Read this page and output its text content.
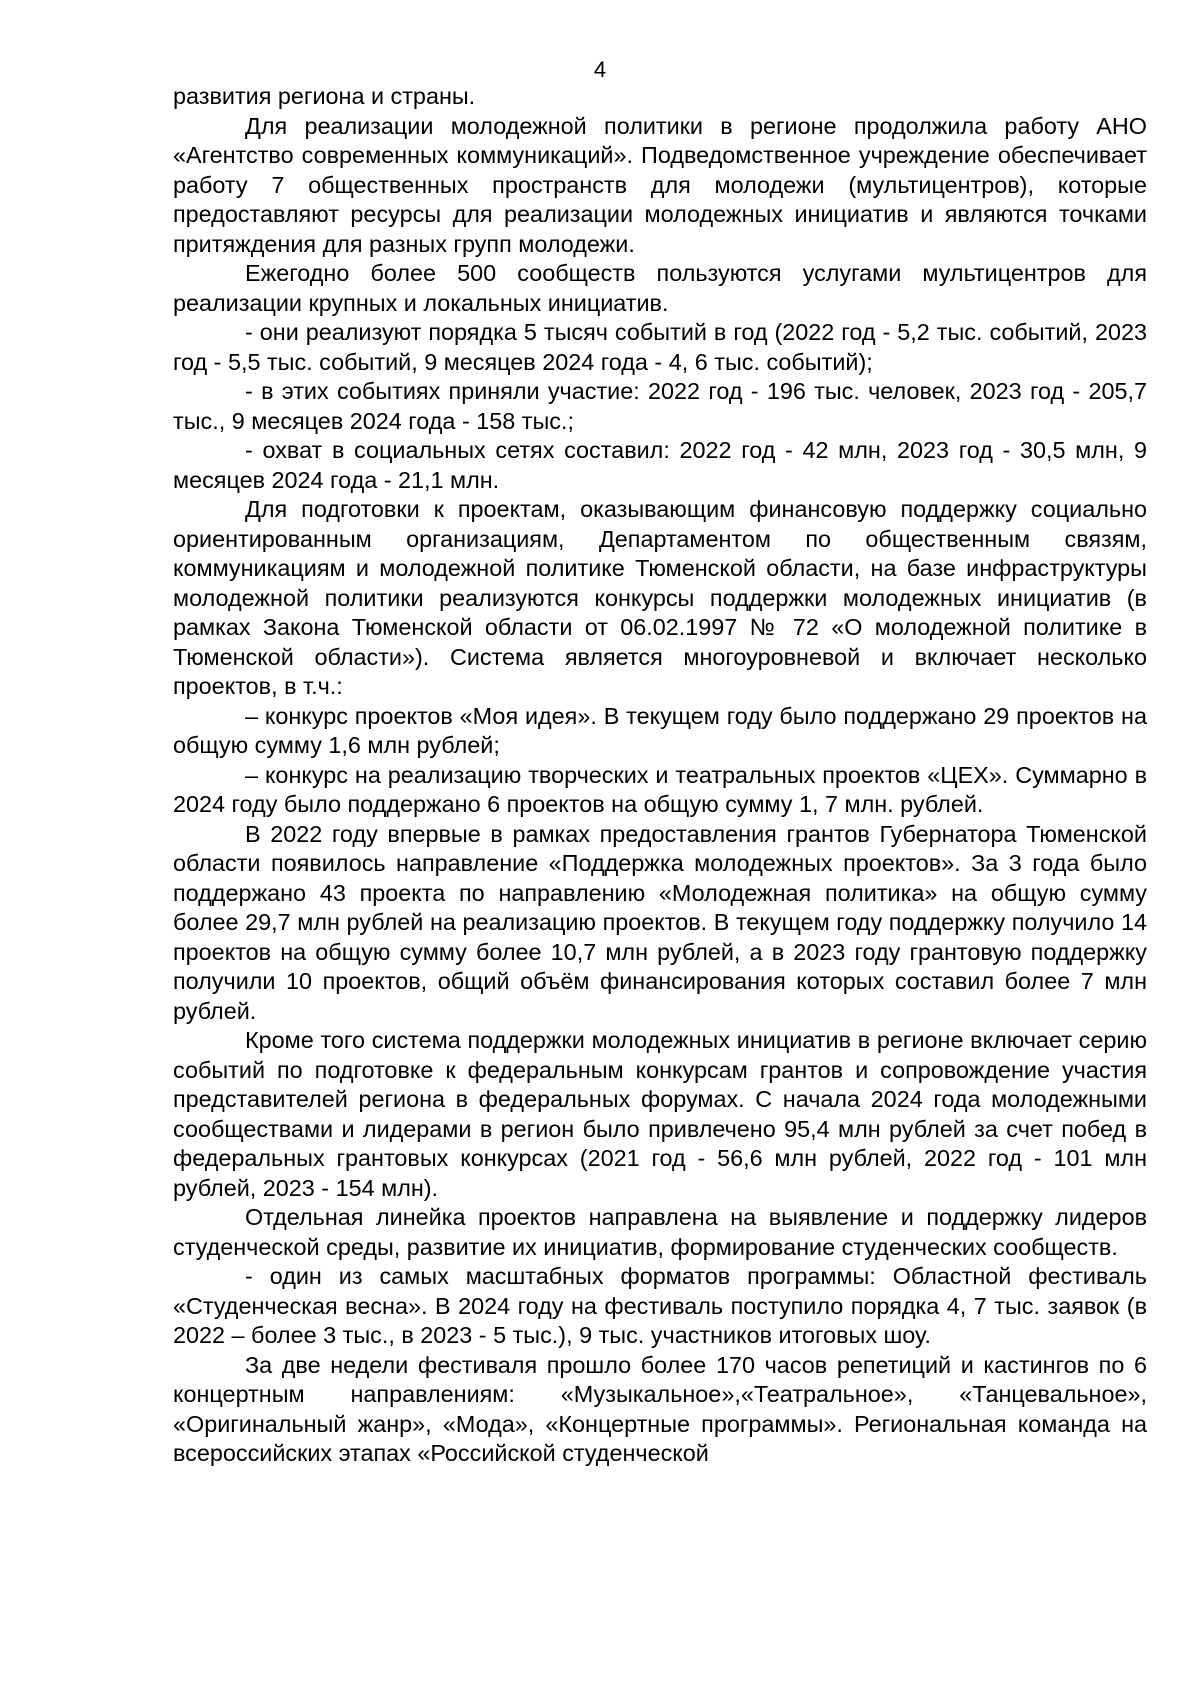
4

развития региона и страны.

Для реализации молодежной политики в регионе продолжила работу АНО «Агентство современных коммуникаций». Подведомственное учреждение обеспечивает работу 7 общественных пространств для молодежи (мультицентров), которые предоставляют ресурсы для реализации молодежных инициатив и являются точками притяждения для разных групп молодежи.

Ежегодно более 500 сообществ пользуются услугами мультицентров для реализации крупных и локальных инициатив.

- они реализуют порядка 5 тысяч событий в год (2022 год - 5,2 тыс. событий, 2023 год - 5,5 тыс. событий, 9 месяцев 2024 года - 4, 6 тыс. событий);

- в этих событиях приняли участие: 2022 год - 196 тыс. человек, 2023 год - 205,7 тыс., 9 месяцев 2024 года - 158 тыс.;

- охват в социальных сетях составил: 2022 год - 42 млн, 2023 год - 30,5 млн, 9 месяцев 2024 года - 21,1 млн.

Для подготовки к проектам, оказывающим финансовую поддержку социально ориентированным организациям, Департаментом по общественным связям, коммуникациям и молодежной политике Тюменской области, на базе инфраструктуры молодежной политики реализуются конкурсы поддержки молодежных инициатив (в рамках Закона Тюменской области от 06.02.1997 № 72 «О молодежной политике в Тюменской области»). Система является многоуровневой и включает несколько проектов, в т.ч.:

– конкурс проектов «Моя идея». В текущем году было поддержано 29 проектов на общую сумму 1,6 млн рублей;

– конкурс на реализацию творческих и театральных проектов «ЦЕХ». Суммарно в 2024 году было поддержано 6 проектов на общую сумму 1, 7 млн. рублей.

В 2022 году впервые в рамках предоставления грантов Губернатора Тюменской области появилось направление «Поддержка молодежных проектов». За 3 года было поддержано 43 проекта по направлению «Молодежная политика» на общую сумму более 29,7 млн рублей на реализацию проектов. В текущем году поддержку получило 14 проектов на общую сумму более 10,7 млн рублей, а в 2023 году грантовую поддержку получили 10 проектов, общий объём финансирования которых составил более 7 млн рублей.

Кроме того система поддержки молодежных инициатив в регионе включает серию событий по подготовке к федеральным конкурсам грантов и сопровождение участия представителей региона в федеральных форумах. С начала 2024 года молодежными сообществами и лидерами в регион было привлечено 95,4 млн рублей за счет побед в федеральных грантовых конкурсах (2021 год - 56,6 млн рублей, 2022 год - 101 млн рублей, 2023 - 154 млн).

Отдельная линейка проектов направлена на выявление и поддержку лидеров студенческой среды, развитие их инициатив, формирование студенческих сообществ.

- один из самых масштабных форматов программы: Областной фестиваль «Студенческая весна». В 2024 году на фестиваль поступило порядка 4, 7 тыс. заявок (в 2022 – более 3 тыс., в 2023 - 5 тыс.), 9 тыс. участников итоговых шоу.

За две недели фестиваля прошло более 170 часов репетиций и кастингов по 6 концертным направлениям: «Музыкальное»,«Театральное», «Танцевальное», «Оригинальный жанр», «Мода», «Концертные программы». Региональная команда на всероссийских этапах «Российской студенческой
